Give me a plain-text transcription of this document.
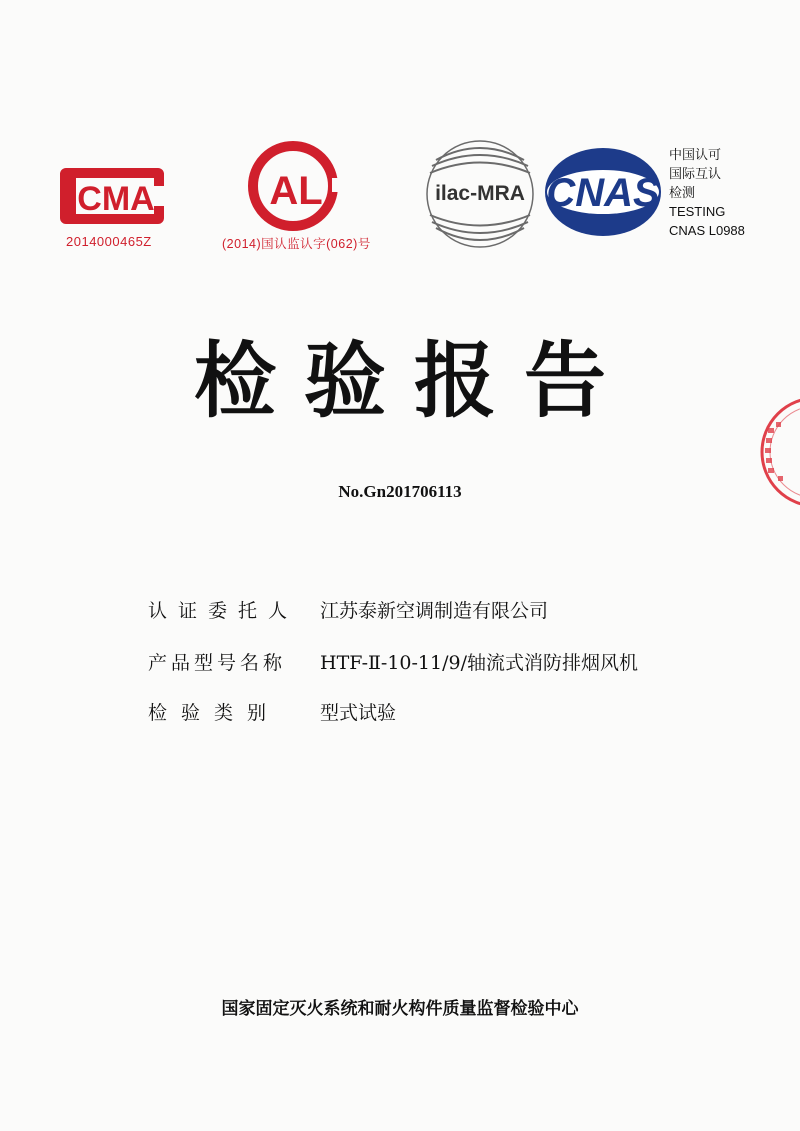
CMA
2014000465Z
AL
(2014)国认监认字(062)号
ilac-MRA CNAS
中国认可
国际互认
检测
TESTING
CNAS L0988
检验报告
No.Gn201706113
认证委托人 江苏泰新空调制造有限公司
产品型号名称 HTF-Ⅱ-10-11/9/轴流式消防排烟风机
检验类别	型式试验
国家固定灭火系统和耐火构件质量监督检验中心
